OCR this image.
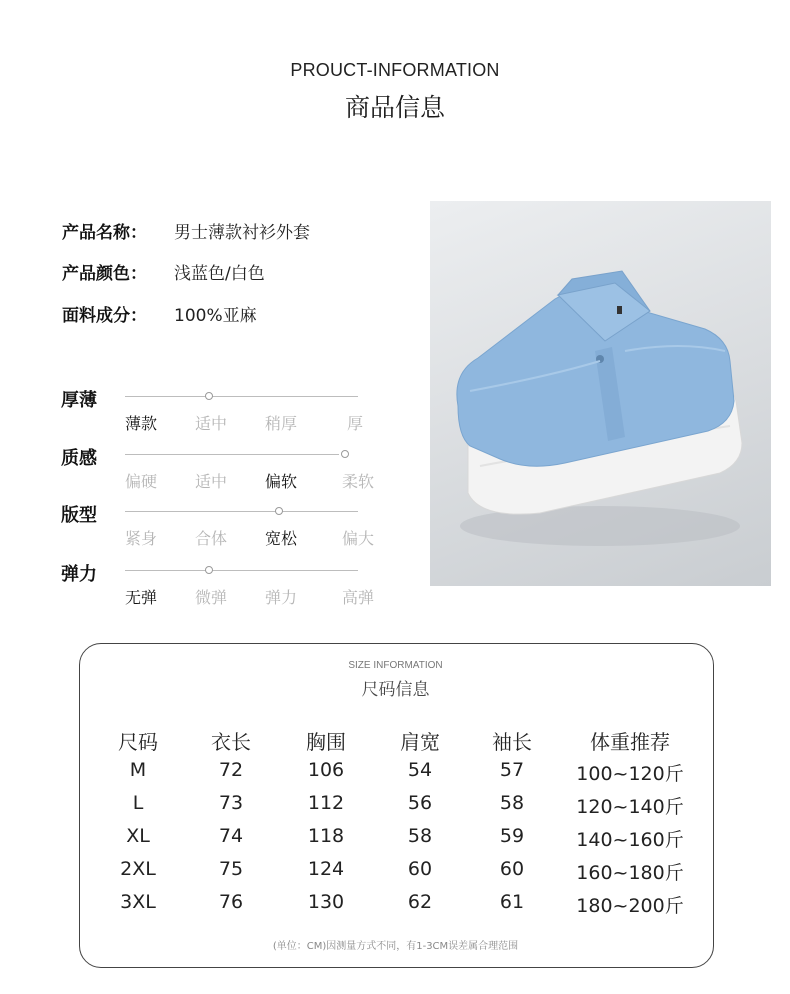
PROUCT-INFORMATION
商品信息
产品名称： 男士薄款衬衫外套
产品颜色： 浅蓝色/白色
面料成分： 100%亚麻
厚薄
薄款	适中	稍厚	厚
质感
偏硬	适中	偏软	柔软
版型
紧身	合体	宽松	偏大
弹力
无弹	微弹	弹力	高弹
SIZE INFORMATION
尺码信息
尺码	衣长	胸围	肩宽	袖长	体重推荐
M	72	106	54	57	100~120斤
L	73	112	56	58	120~140斤
XL	74	118	58	59	140~160斤
2XL	75	124	60	60	160~180斤
3XL	76	130	62	61	180~200斤
(单位：CM)因测量方式不同，有1-3CM误差属合理范围
